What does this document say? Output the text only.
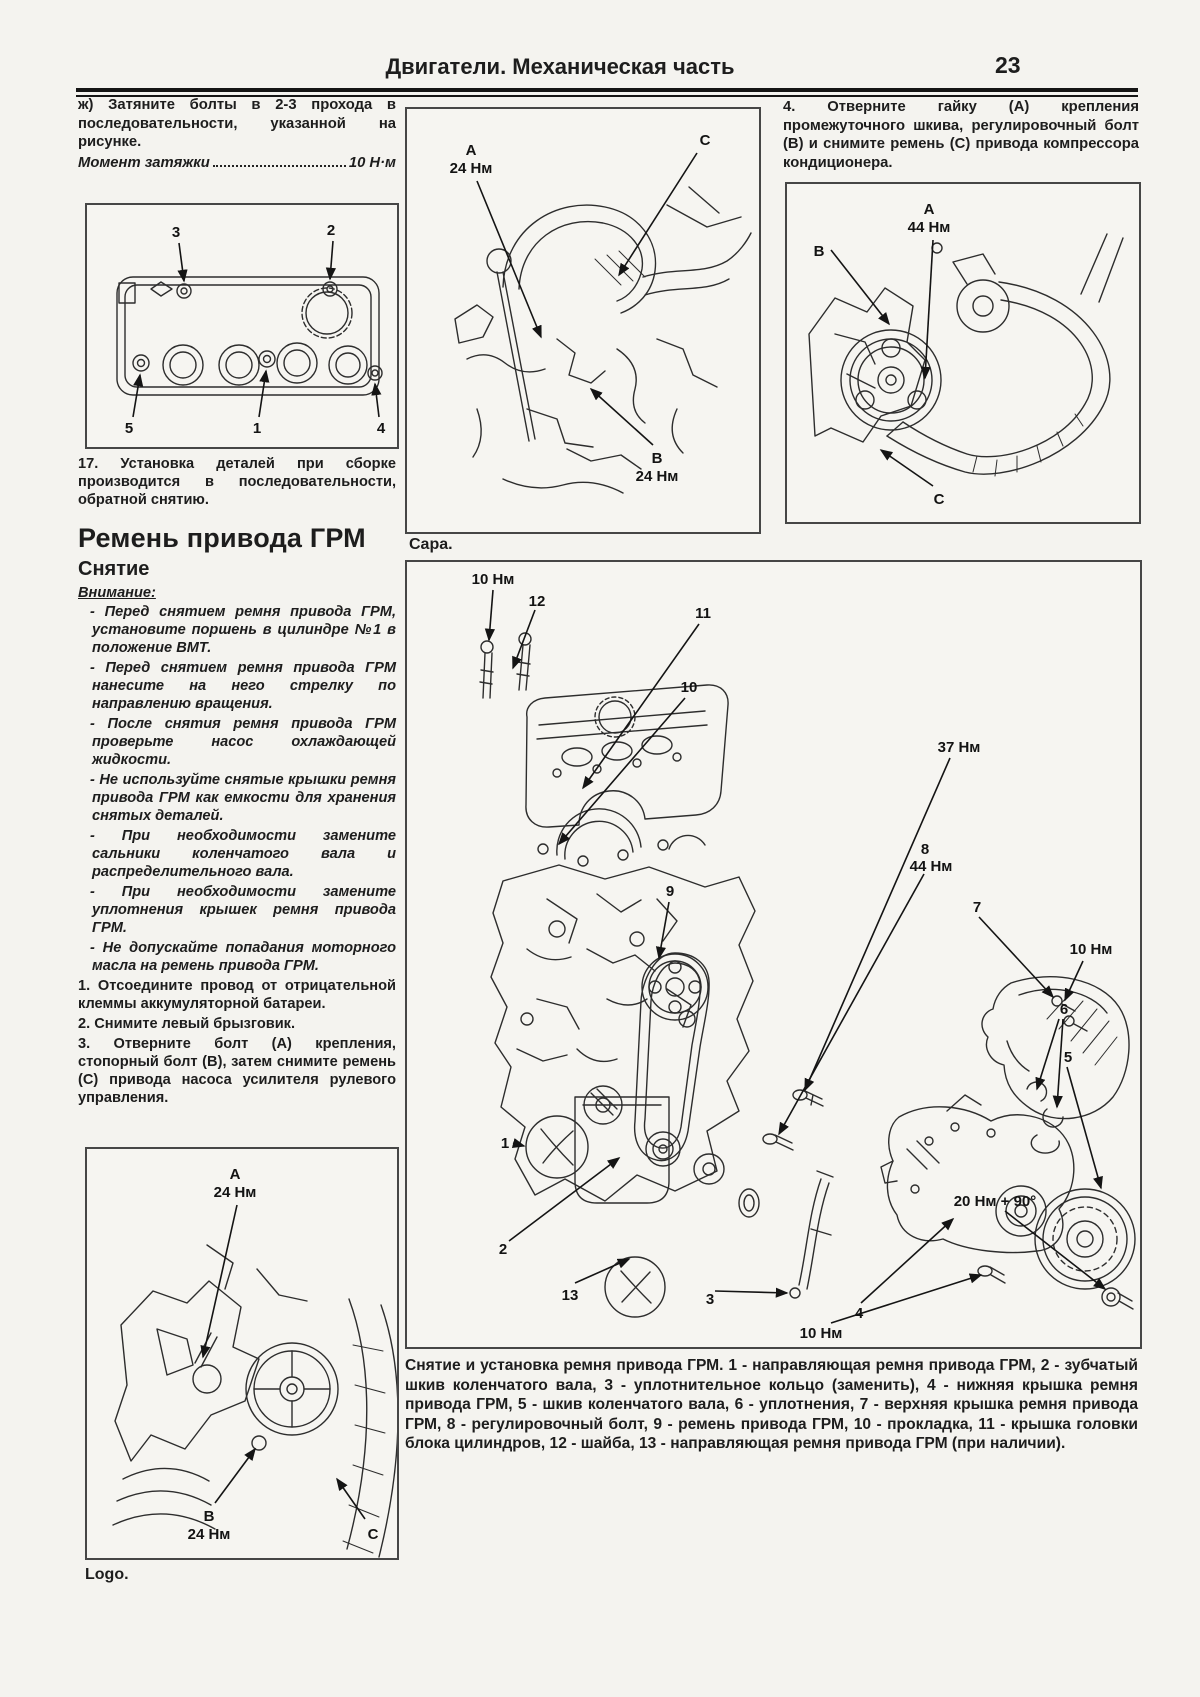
Двигатели. Механическая часть	23

ж) Затяните болты в 2-3 прохода в последовательности, указанной на рисунке.

Момент затяжки	10 Н·м
3	2
5	1	4

17. Установка деталей при сборке производится в последовательности, обратной снятию.

Ремень привода ГРМ
Снятие
Внимание:

- Перед снятием ремня привода ГРМ, установите поршень в цилиндре №1 в положение ВМТ.

- Перед снятием ремня привода ГРМ нанесите на него стрелку по направлению вращения.

- После снятия ремня привода ГРМ проверьте насос охлаждающей жидкости.

- Не используйте снятые крышки ремня привода ГРМ как емкости для хранения снятых деталей.

- При необходимости замените сальники коленчатого вала и распределительного вала.

- При необходимости замените уплотнения крышек ремня привода ГРМ.

- Не допускайте попадания моторного масла на ремень привода ГРМ.

1. Отсоедините провод от отрицательной клеммы аккумуляторной батареи.

2. Снимите левый брызговик.

3. Отверните болт (А) крепления, стопорный болт (В), затем снимите ремень (С) привода насоса усилителя рулевого управления.

A
24 Нм
B
24 Нм	C
Logo.
A
24 Нм
C
B
24 Нм
Capa.

4. Отверните гайку (А) крепления промежуточного шкива, регулировочный болт (В) и снимите ремень (С) привода компрессора кондиционера.

A
44 Нм
B
C
10 Нм
12
11
10
37 Нм
8
44 Нм
9
7
10 Нм
6
5
1
20 Нм + 90°
2
13	3
4
10 Нм
Снятие и установка ремня привода ГРМ. 1 - направляющая ремня привода ГРМ, 2 - зубчатый шкив коленчатого вала, 3 - уплотнительное кольцо (заменить), 4 - нижняя крышка ремня привода ГРМ, 5 - шкив коленчатого вала, 6 - уплотнения, 7 - верхняя крышка ремня привода ГРМ, 8 - регулировочный болт, 9 - ремень привода ГРМ, 10 - прокладка, 11 - крышка головки блока цилиндров, 12 - шайба, 13 - направляющая ремня привода ГРМ (при наличии).
